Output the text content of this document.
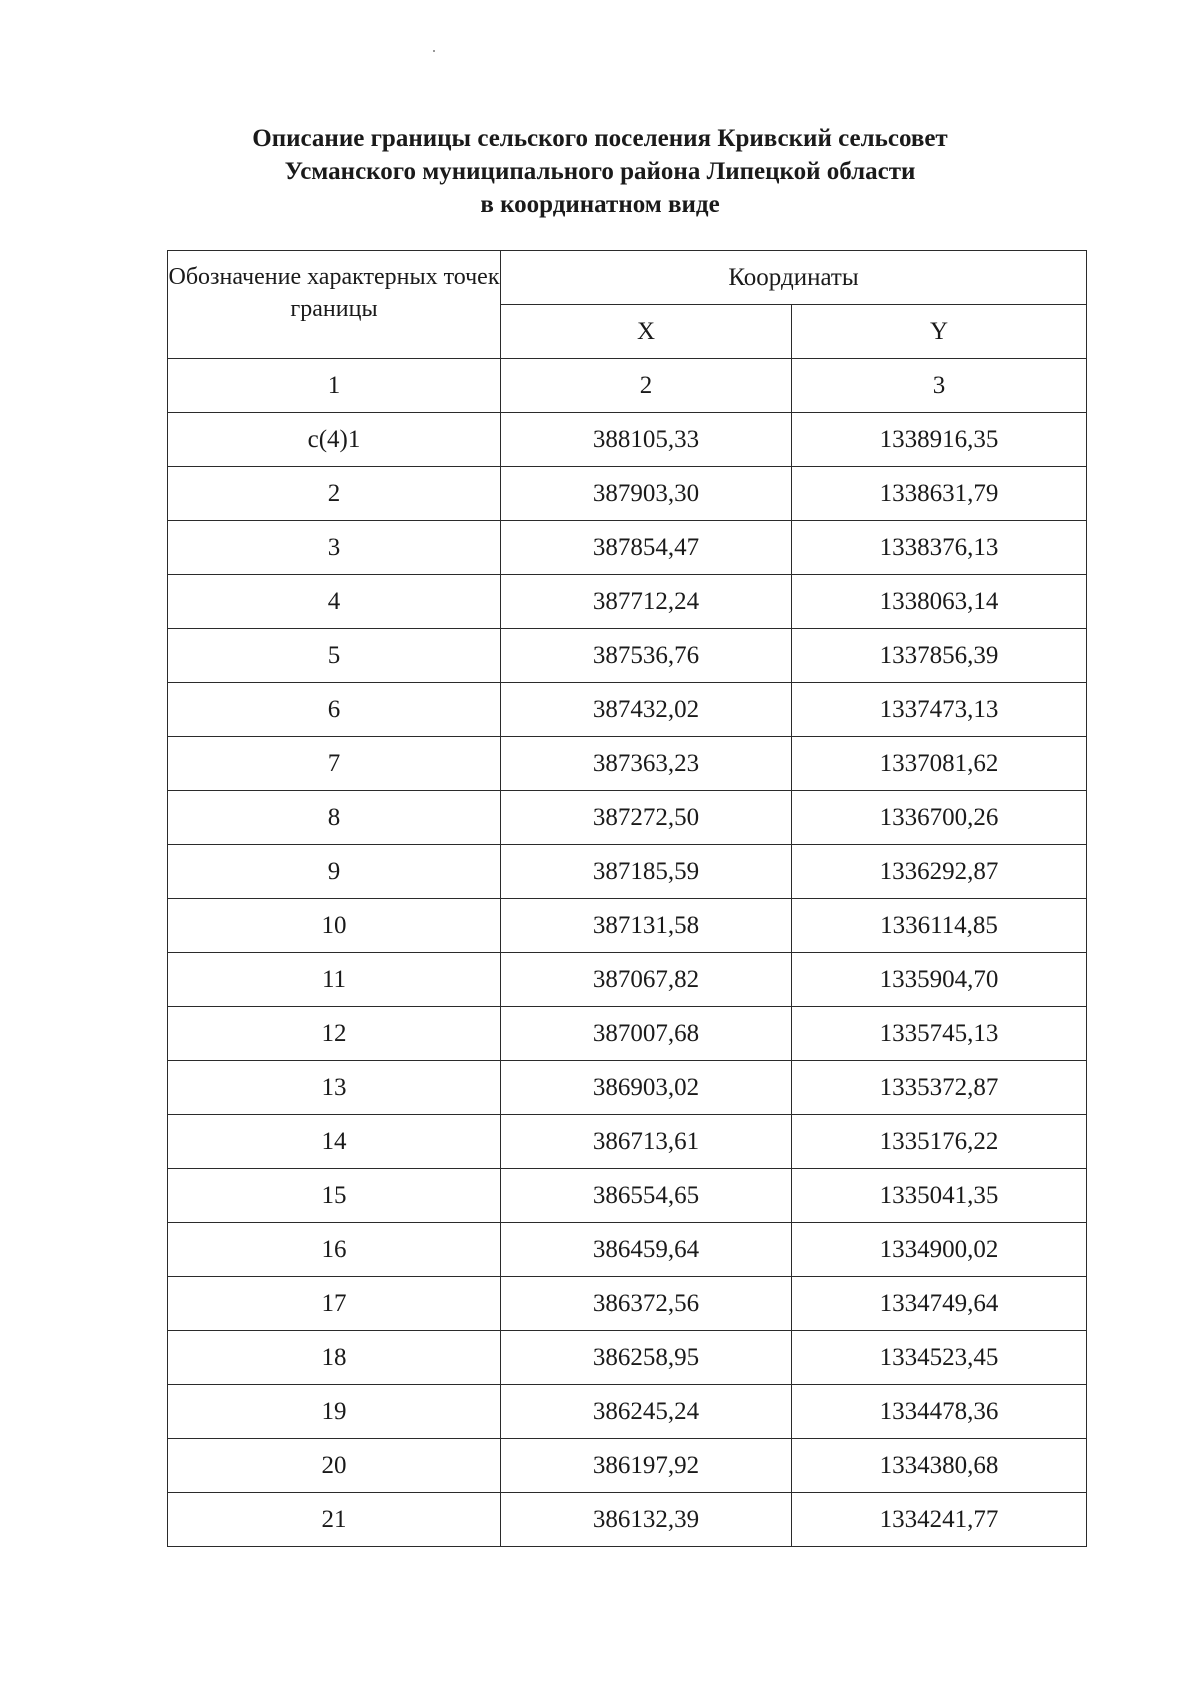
Описание границы сельского поселения Кривский сельсовет
Усманского муниципального района Липецкой области
в координатном виде
Обозначение характерных точек границы	Координаты	
	X	Y
1	2	3
с(4)1	388105,33	1338916,35
2	387903,30	1338631,79
3	387854,47	1338376,13
4	387712,24	1338063,14
5	387536,76	1337856,39
6	387432,02	1337473,13
7	387363,23	1337081,62
8	387272,50	1336700,26
9	387185,59	1336292,87
10	387131,58	1336114,85
11	387067,82	1335904,70
12	387007,68	1335745,13
13	386903,02	1335372,87
14	386713,61	1335176,22
15	386554,65	1335041,35
16	386459,64	1334900,02
17	386372,56	1334749,64
18	386258,95	1334523,45
19	386245,24	1334478,36
20	386197,92	1334380,68
21	386132,39	1334241,77
